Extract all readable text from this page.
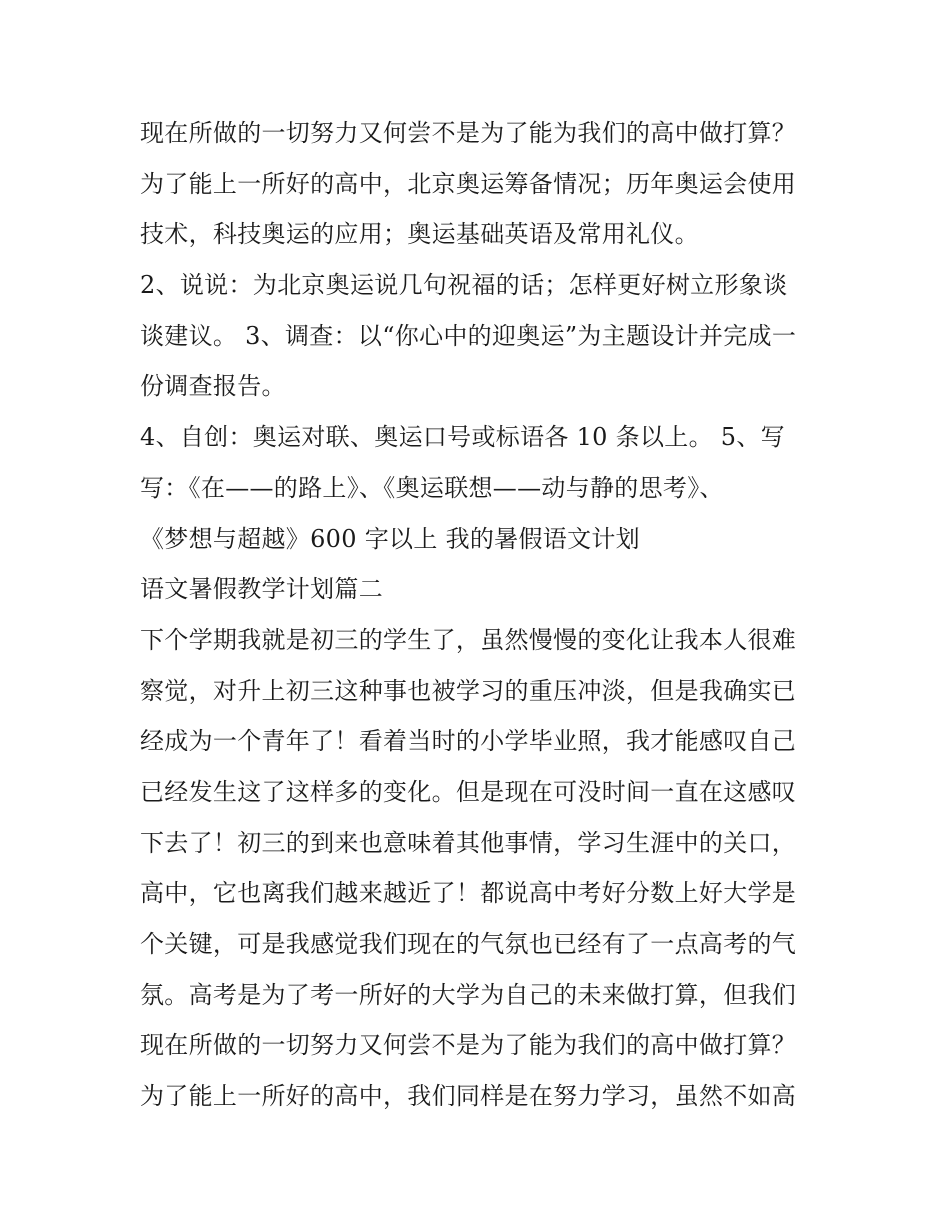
现在所做的一切努力又何尝不是为了能为我们的高中做打算？
为了能上一所好的高中，北京奥运筹备情况；历年奥运会使用
技术，科技奥运的应用；奥运基础英语及常用礼仪。
2、说说：为北京奥运说几句祝福的话；怎样更好树立形象谈
谈建议。 3、调查：以“你心中的迎奥运”为主题设计并完成一
份调查报告。
4、自创：奥运对联、奥运口号或标语各 10 条以上。 5、写
写：《在——的路上》、《奥运联想——动与静的思考》、
《梦想与超越》600 字以上 我的暑假语文计划
语文暑假教学计划篇二
下个学期我就是初三的学生了，虽然慢慢的变化让我本人很难
察觉，对升上初三这种事也被学习的重压冲淡，但是我确实已
经成为一个青年了！看着当时的小学毕业照，我才能感叹自己
已经发生这了这样多的变化。但是现在可没时间一直在这感叹
下去了！初三的到来也意味着其他事情，学习生涯中的关口，
高中，它也离我们越来越近了！都说高中考好分数上好大学是
个关键，可是我感觉我们现在的气氛也已经有了一点高考的气
氛。高考是为了考一所好的大学为自己的未来做打算，但我们
现在所做的一切努力又何尝不是为了能为我们的高中做打算？
为了能上一所好的高中，我们同样是在努力学习，虽然不如高
